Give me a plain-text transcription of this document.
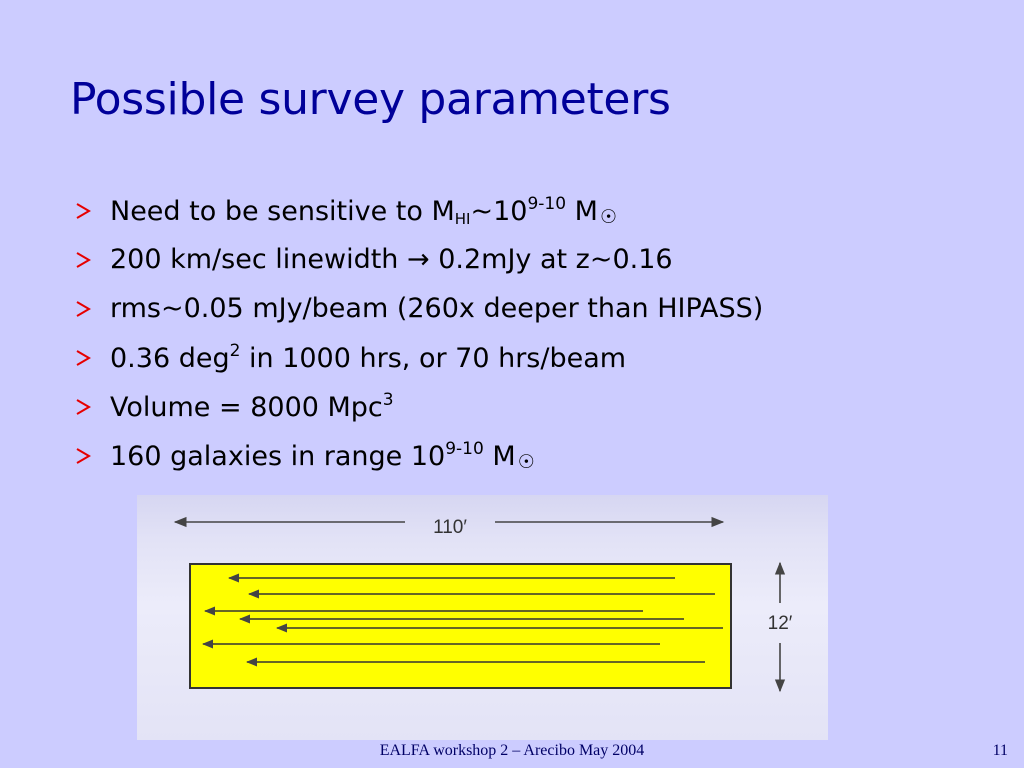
Possible survey parameters
Need to be sensitive to $M_{HI}\sim 10^{9-10}$ M ☉
200 km/sec linewidth → 0.2mJy at z~0.16
rms~0.05 mJy/beam (260x deeper than HIPASS)
0.36 deg$^2$ in 1000 hrs, or 70 hrs/beam
Volume = 8000 Mpc$^3$
160 galaxies in range 10$^{9-10}$ M ☉
110′
12′
EALFA workshop 2 – Arecibo May 2004	11
